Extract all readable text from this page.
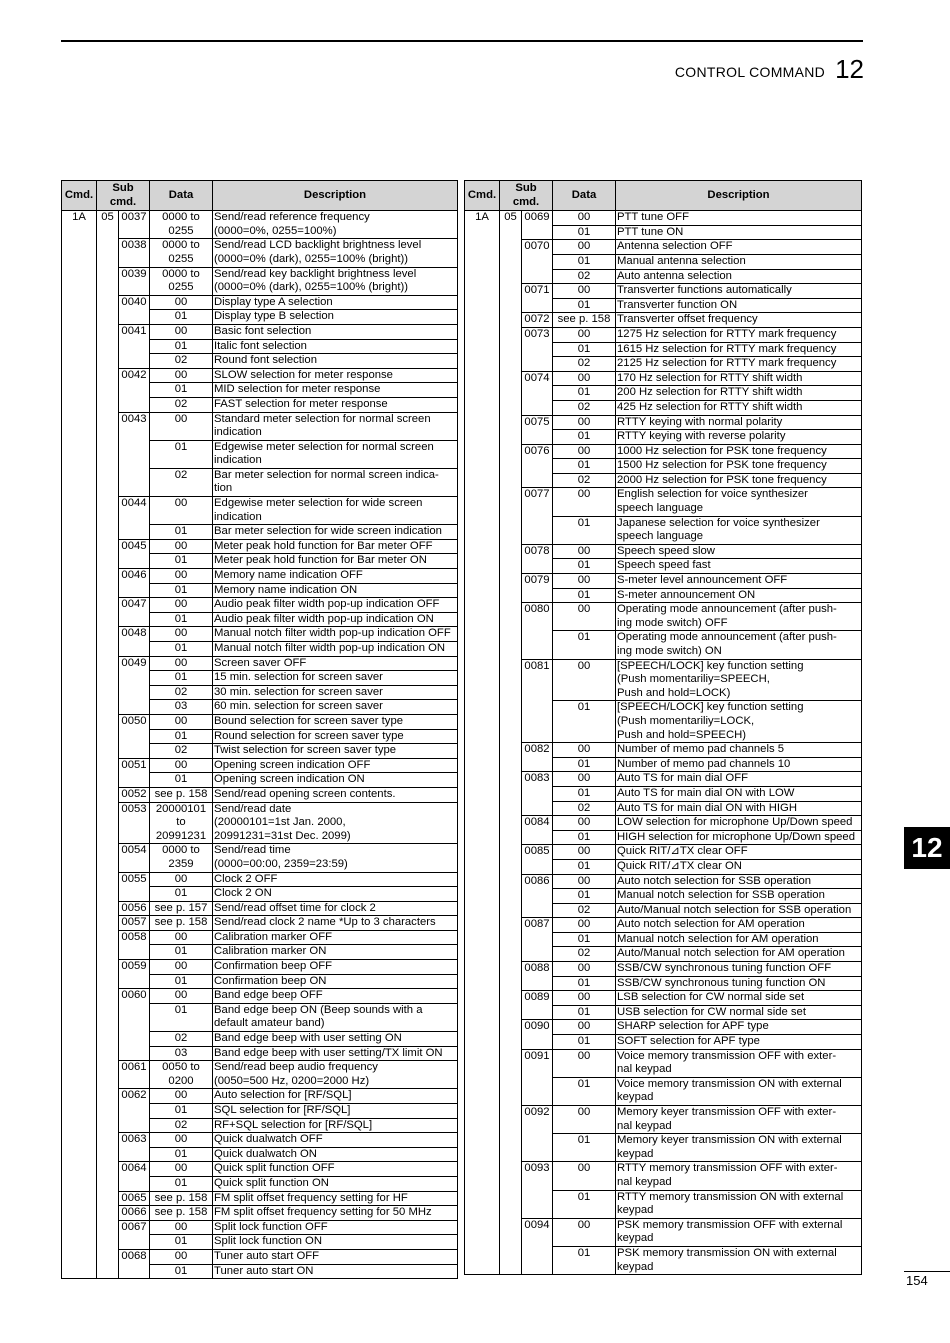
CONTROL COMMAND 12
Cmd.	Sub cmd.		Data	Description
1A	05	0037	0000 to
0255	Send/read reference frequency
(0000=0%, 0255=100%)
		0038	0000 to
0255	Send/read LCD backlight brightness level
(0000=0% (dark), 0255=100% (bright))
		0039	0000 to
0255	Send/read key backlight brightness level
(0000=0% (dark), 0255=100% (bright))
		0040	00	Display type A selection
			01	Display type B selection
		0041	00	Basic font selection
			01	Italic font selection
			02	Round font selection
		0042	00	SLOW selection for meter response
			01	MID selection for meter response
			02	FAST selection for meter response
		0043	00	Standard meter selection for normal screen
indication
			01	Edgewise meter selection for normal screen
indication
			02	Bar meter selection for normal screen indica-
tion
		0044	00	Edgewise meter selection for wide screen
indication
			01	Bar meter selection for wide screen indication
		0045	00	Meter peak hold function for Bar meter OFF
			01	Meter peak hold function for Bar meter ON
		0046	00	Memory name indication OFF
			01	Memory name indication ON
		0047	00	Audio peak filter width pop-up indication OFF
			01	Audio peak filter width pop-up indication ON
		0048	00	Manual notch filter width pop-up indication OFF
			01	Manual notch filter width pop-up indication ON
		0049	00	Screen saver OFF
			01	15 min. selection for screen saver
			02	30 min. selection for screen saver
			03	60 min. selection for screen saver
		0050	00	Bound selection for screen saver type
			01	Round selection for screen saver type
			02	Twist selection for screen saver type
		0051	00	Opening screen indication OFF
			01	Opening screen indication ON
		0052	see p. 158	Send/read opening screen contents.
		0053	20000101
to
20991231	Send/read date
(20000101=1st Jan. 2000,
20991231=31st Dec. 2099)
		0054	0000 to
2359	Send/read time
(0000=00:00, 2359=23:59)
		0055	00	Clock 2 OFF
			01	Clock 2 ON
		0056	see p. 157	Send/read offset time for clock 2
		0057	see p. 158	Send/read clock 2 name *Up to 3 characters
		0058	00	Calibration marker OFF
			01	Calibration marker ON
		0059	00	Confirmation beep OFF
			01	Confirmation beep ON
		0060	00	Band edge beep OFF
			01	Band edge beep ON (Beep sounds with a
default amateur band)
			02	Band edge beep with user setting ON
			03	Band edge beep with user setting/TX limit ON
		0061	0050 to
0200	Send/read beep audio frequency
(0050=500 Hz, 0200=2000 Hz)
		0062	00	Auto selection for [RF/SQL]
			01	SQL selection for [RF/SQL]
			02	RF+SQL selection for [RF/SQL]
		0063	00	Quick dualwatch OFF
			01	Quick dualwatch ON
		0064	00	Quick split function OFF
			01	Quick split function ON
		0065	see p. 158	FM split offset frequency setting for HF
		0066	see p. 158	FM split offset frequency setting for 50 MHz
		0067	00	Split lock function OFF
			01	Split lock function ON
		0068	00	Tuner auto start OFF
			01	Tuner auto start ON
Cmd.	Sub cmd.		Data	Description
1A	05	0069	00	PTT tune OFF
			01	PTT tune ON
		0070	00	Antenna selection OFF
			01	Manual antenna selection
			02	Auto antenna selection
		0071	00	Transverter functions automatically
			01	Transverter function ON
		0072	see p. 158	Transverter offset frequency
		0073	00	1275 Hz selection for RTTY mark frequency
			01	1615 Hz selection for RTTY mark frequency
			02	2125 Hz selection for RTTY mark frequency
		0074	00	170 Hz selection for RTTY shift width
			01	200 Hz selection for RTTY shift width
			02	425 Hz selection for RTTY shift width
		0075	00	RTTY keying with normal polarity
			01	RTTY keying with reverse polarity
		0076	00	1000 Hz selection for PSK tone frequency
			01	1500 Hz selection for PSK tone frequency
			02	2000 Hz selection for PSK tone frequency
		0077	00	English selection for voice synthesizer
speech language
			01	Japanese selection for voice synthesizer
speech language
		0078	00	Speech speed slow
			01	Speech speed fast
		0079	00	S-meter level announcement OFF
			01	S-meter announcement ON
		0080	00	Operating mode announcement (after push-
ing mode switch) OFF
			01	Operating mode announcement (after push-
ing mode switch) ON
		0081	00	[SPEECH/LOCK] key function setting
(Push momentariliy=SPEECH,
Push and hold=LOCK)
			01	[SPEECH/LOCK] key function setting
(Push momentariliy=LOCK,
Push and hold=SPEECH)
		0082	00	Number of memo pad channels 5
			01	Number of memo pad channels 10
		0083	00	Auto TS for main dial OFF
			01	Auto TS for main dial ON with LOW
			02	Auto TS for main dial ON with HIGH
		0084	00	LOW selection for microphone Up/Down speed
			01	HIGH selection for microphone Up/Down speed
		0085	00	Quick RIT/⊿TX clear OFF
			01	Quick RIT/⊿TX clear ON
		0086	00	Auto notch selection for SSB operation
			01	Manual notch selection for SSB operation
			02	Auto/Manual notch selection for SSB operation
		0087	00	Auto notch selection for AM operation
			01	Manual notch selection for AM operation
			02	Auto/Manual notch selection for AM operation
		0088	00	SSB/CW synchronous tuning function OFF
			01	SSB/CW synchronous tuning function ON
		0089	00	LSB selection for CW normal side set
			01	USB selection for CW normal side set
		0090	00	SHARP selection for APF type
			01	SOFT selection for APF type
		0091	00	Voice memory transmission OFF with exter-
nal keypad
			01	Voice memory transmission ON with external
keypad
		0092	00	Memory keyer transmission OFF with exter-
nal keypad
			01	Memory keyer transmission ON with external
keypad
		0093	00	RTTY memory transmission OFF with exter-
nal keypad
			01	RTTY memory transmission ON with external
keypad
		0094	00	PSK memory transmission OFF with external
keypad
			01	PSK memory transmission ON with external
keypad
12
154
